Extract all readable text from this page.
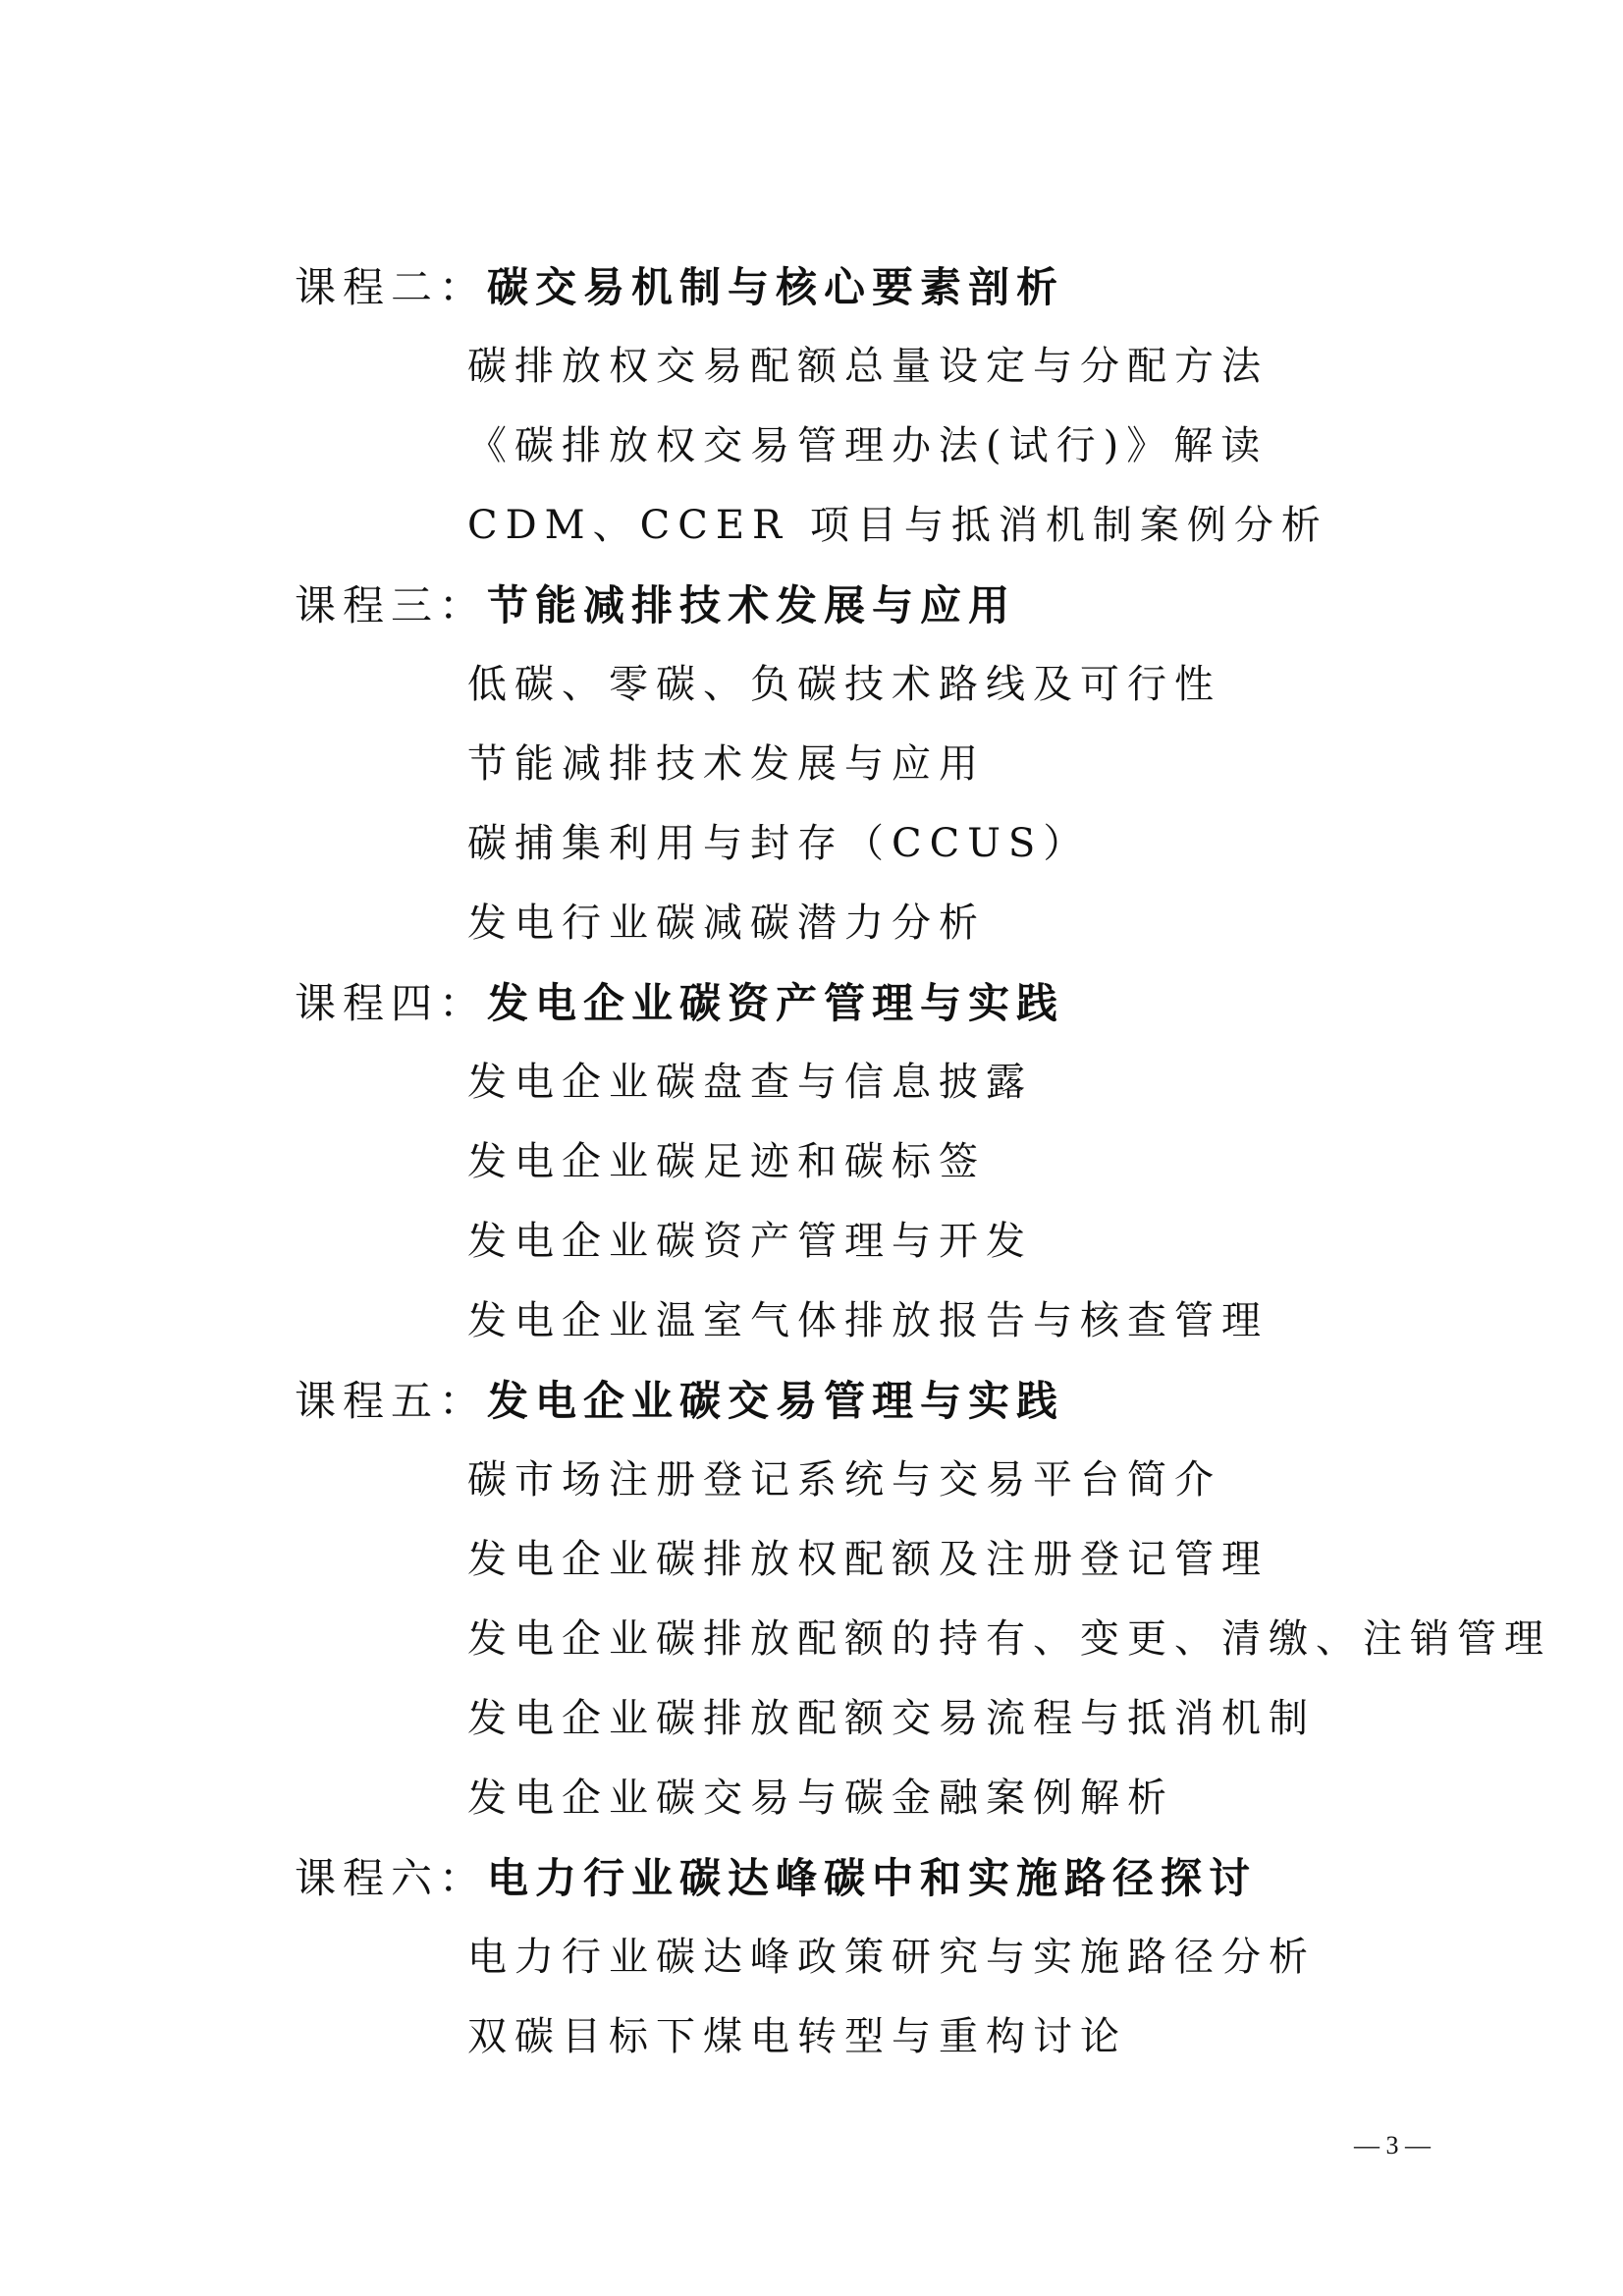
课程二：碳交易机制与核心要素剖析
碳排放权交易配额总量设定与分配方法
《碳排放权交易管理办法(试行)》解读
CDM、CCER 项目与抵消机制案例分析
课程三：节能减排技术发展与应用
低碳、零碳、负碳技术路线及可行性
节能减排技术发展与应用
碳捕集利用与封存（CCUS）
发电行业碳减碳潜力分析
课程四：发电企业碳资产管理与实践
发电企业碳盘查与信息披露
发电企业碳足迹和碳标签
发电企业碳资产管理与开发
发电企业温室气体排放报告与核查管理
课程五：发电企业碳交易管理与实践
碳市场注册登记系统与交易平台简介
发电企业碳排放权配额及注册登记管理
发电企业碳排放配额的持有、变更、清缴、注销管理
发电企业碳排放配额交易流程与抵消机制
发电企业碳交易与碳金融案例解析
课程六：电力行业碳达峰碳中和实施路径探讨
电力行业碳达峰政策研究与实施路径分析
双碳目标下煤电转型与重构讨论
— 3 —
